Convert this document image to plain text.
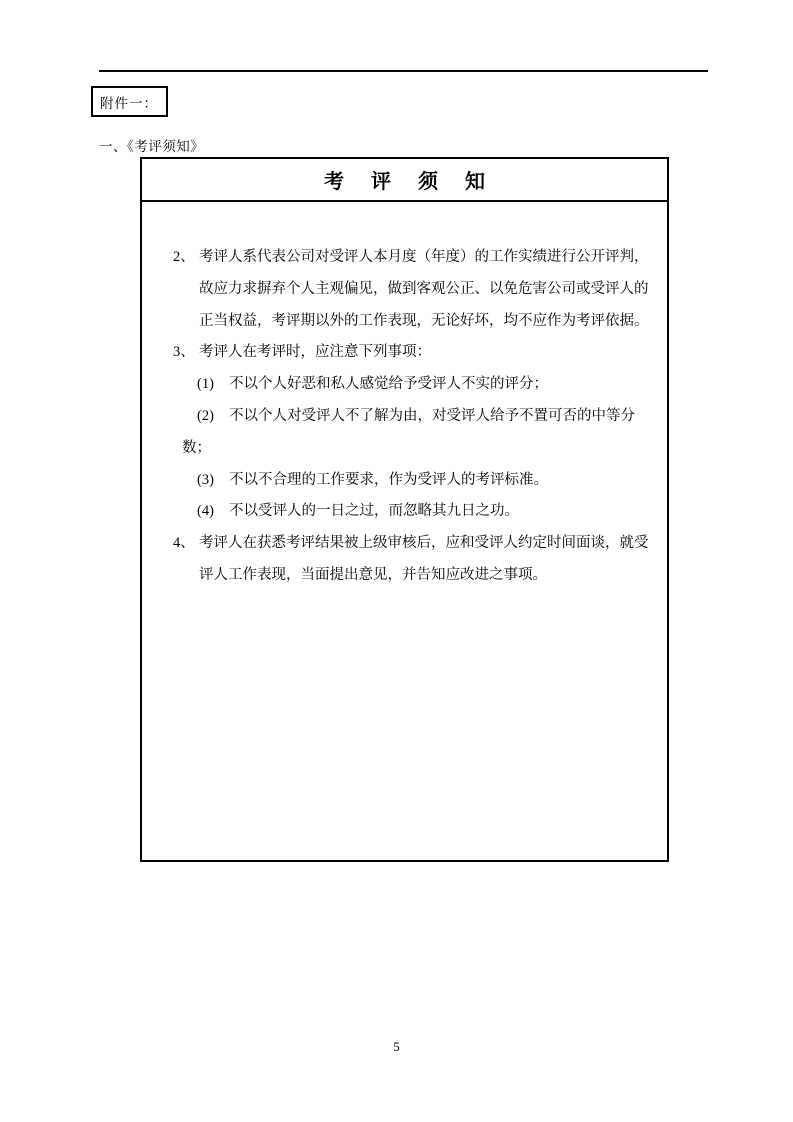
附件一：
一、《考评须知》
考评须知
2、 考评人系代表公司对受评人本月度（年度）的工作实绩进行公开评判，
故应力求摒弃个人主观偏见，做到客观公正、以免危害公司或受评人的
正当权益，考评期以外的工作表现，无论好坏，均不应作为考评依据。
3、 考评人在考评时，应注意下列事项：
(1) 不以个人好恶和私人感觉给予受评人不实的评分；
(2) 不以个人对受评人不了解为由，对受评人给予不置可否的中等分
数；
(3) 不以不合理的工作要求，作为受评人的考评标准。
(4) 不以受评人的一日之过，而忽略其九日之功。
4、 考评人在获悉考评结果被上级审核后，应和受评人约定时间面谈，就受
评人工作表现，当面提出意见，并告知应改进之事项。
5
